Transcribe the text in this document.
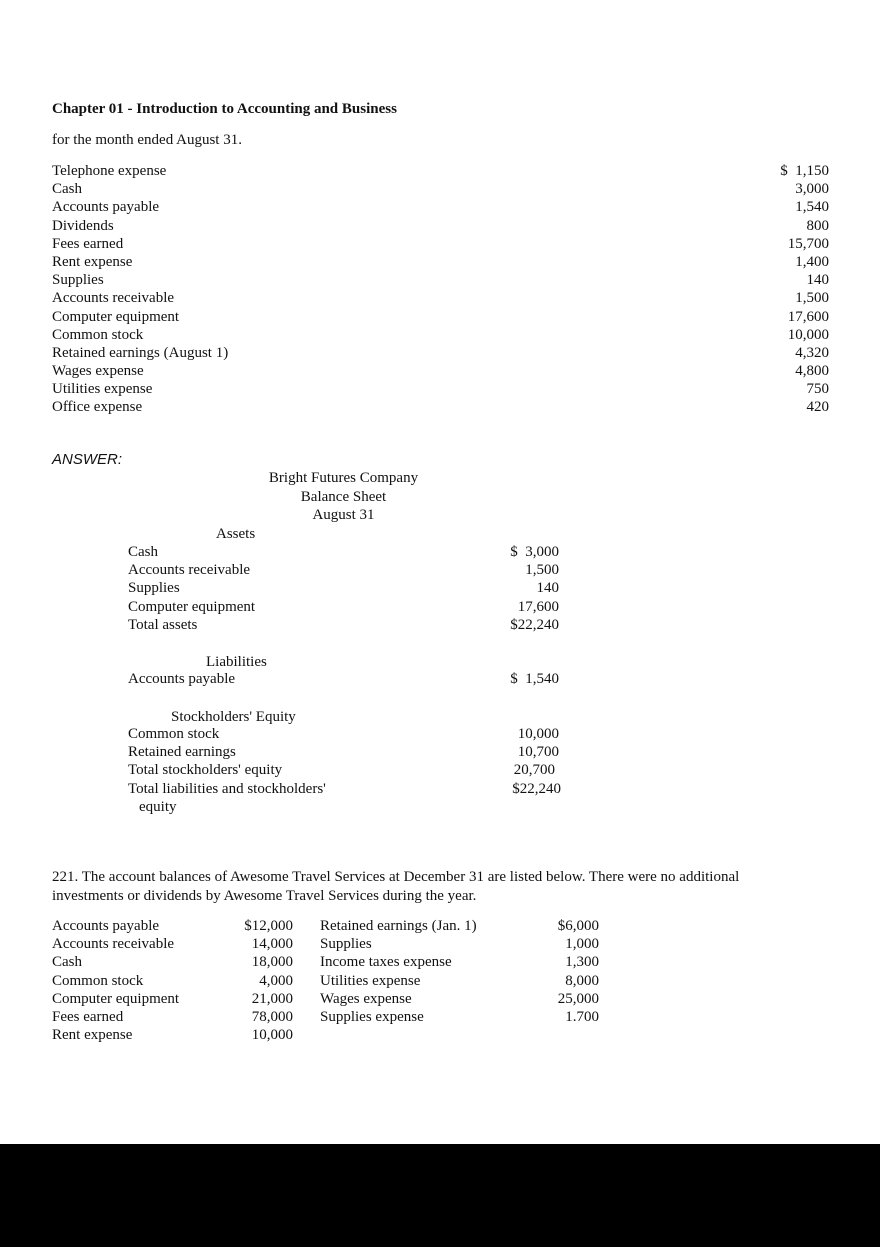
Chapter 01 - Introduction to Accounting and Business
for the month ended August 31.
Telephone expense	$  1,150
Cash	3,000
Accounts payable	1,540
Dividends	800
Fees earned	15,700
Rent expense	1,400
Supplies	140
Accounts receivable	1,500
Computer equipment	17,600
Common stock	10,000
Retained earnings (August 1)	4,320
Wages expense	4,800
Utilities expense	750
Office expense	420
ANSWER:
Bright Futures Company
Balance Sheet
August 31
Assets
Cash	$  3,000
Accounts receivable	1,500
Supplies	140
Computer equipment	17,600
Total assets	$22,240
Liabilities
Accounts payable	$  1,540
Stockholders' Equity
Common stock	10,000
Retained earnings	10,700
Total stockholders' equity	20,700
Total liabilities and stockholders'
equity
$22,240
221. The account balances of Awesome Travel Services at December 31 are listed below. There were no additional investments or dividends by Awesome Travel Services during the year.
Accounts payable	$12,000
Accounts receivable	14,000
Cash	18,000
Common stock	4,000
Computer equipment	21,000
Fees earned	78,000
Rent expense	10,000
Retained earnings (Jan. 1)	$6,000
Supplies	1,000
Income taxes expense	1,300
Utilities expense	8,000
Wages expense	25,000
Supplies expense	1.700
